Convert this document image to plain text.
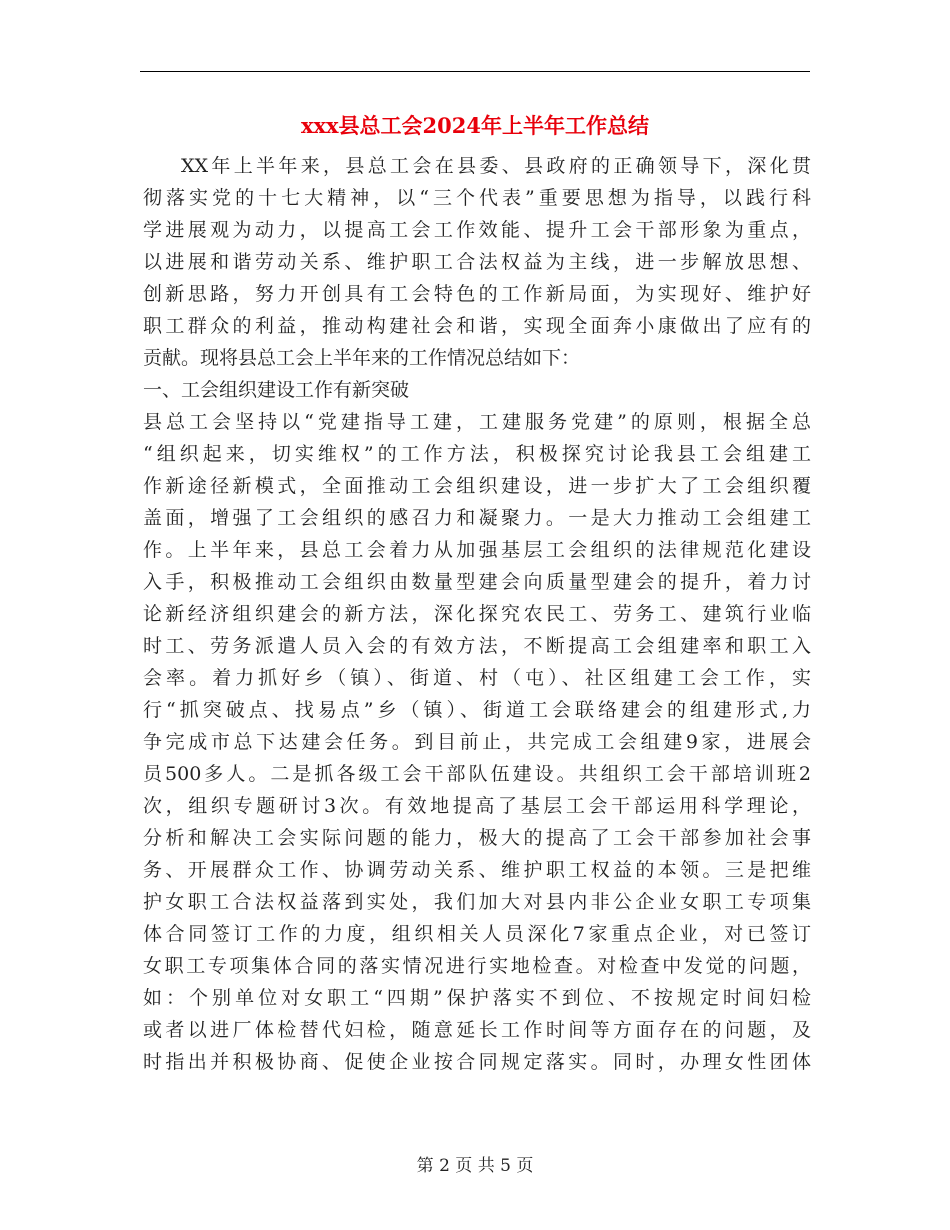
xxx县总工会2024年上半年工作总结
XX年上半年来，县总工会在县委、县政府的正确领导下，深化贯
彻落实党的十七大精神，以“三个代表”重要思想为指导，以践行科
学进展观为动力，以提高工会工作效能、提升工会干部形象为重点，
以进展和谐劳动关系、维护职工合法权益为主线，进一步解放思想、
创新思路，努力开创具有工会特色的工作新局面，为实现好、维护好
职工群众的利益，推动构建社会和谐，实现全面奔小康做出了应有的
贡献。现将县总工会上半年来的工作情况总结如下：
一、工会组织建设工作有新突破
县总工会坚持以“党建指导工建，工建服务党建”的原则，根据全总
“组织起来，切实维权”的工作方法，积极探究讨论我县工会组建工
作新途径新模式，全面推动工会组织建设，进一步扩大了工会组织覆
盖面，增强了工会组织的感召力和凝聚力。一是大力推动工会组建工
作。上半年来，县总工会着力从加强基层工会组织的法律规范化建设
入手，积极推动工会组织由数量型建会向质量型建会的提升，着力讨
论新经济组织建会的新方法，深化探究农民工、劳务工、建筑行业临
时工、劳务派遣人员入会的有效方法，不断提高工会组建率和职工入
会率。着力抓好乡（镇）、街道、村（屯）、社区组建工会工作，实
行“抓突破点、找易点”乡（镇）、街道工会联络建会的组建形式,力
争完成市总下达建会任务。到目前止，共完成工会组建9家，进展会
员500多人。二是抓各级工会干部队伍建设。共组织工会干部培训班2
次，组织专题研讨3次。有效地提高了基层工会干部运用科学理论，
分析和解决工会实际问题的能力，极大的提高了工会干部参加社会事
务、开展群众工作、协调劳动关系、维护职工权益的本领。三是把维
护女职工合法权益落到实处，我们加大对县内非公企业女职工专项集
体合同签订工作的力度，组织相关人员深化7家重点企业，对已签订
女职工专项集体合同的落实情况进行实地检查。对检查中发觉的问题，
如：个别单位对女职工“四期”保护落实不到位、不按规定时间妇检
或者以进厂体检替代妇检，随意延长工作时间等方面存在的问题，及
时指出并积极协商、促使企业按合同规定落实。同时，办理女性团体
第 2 页 共 5 页
